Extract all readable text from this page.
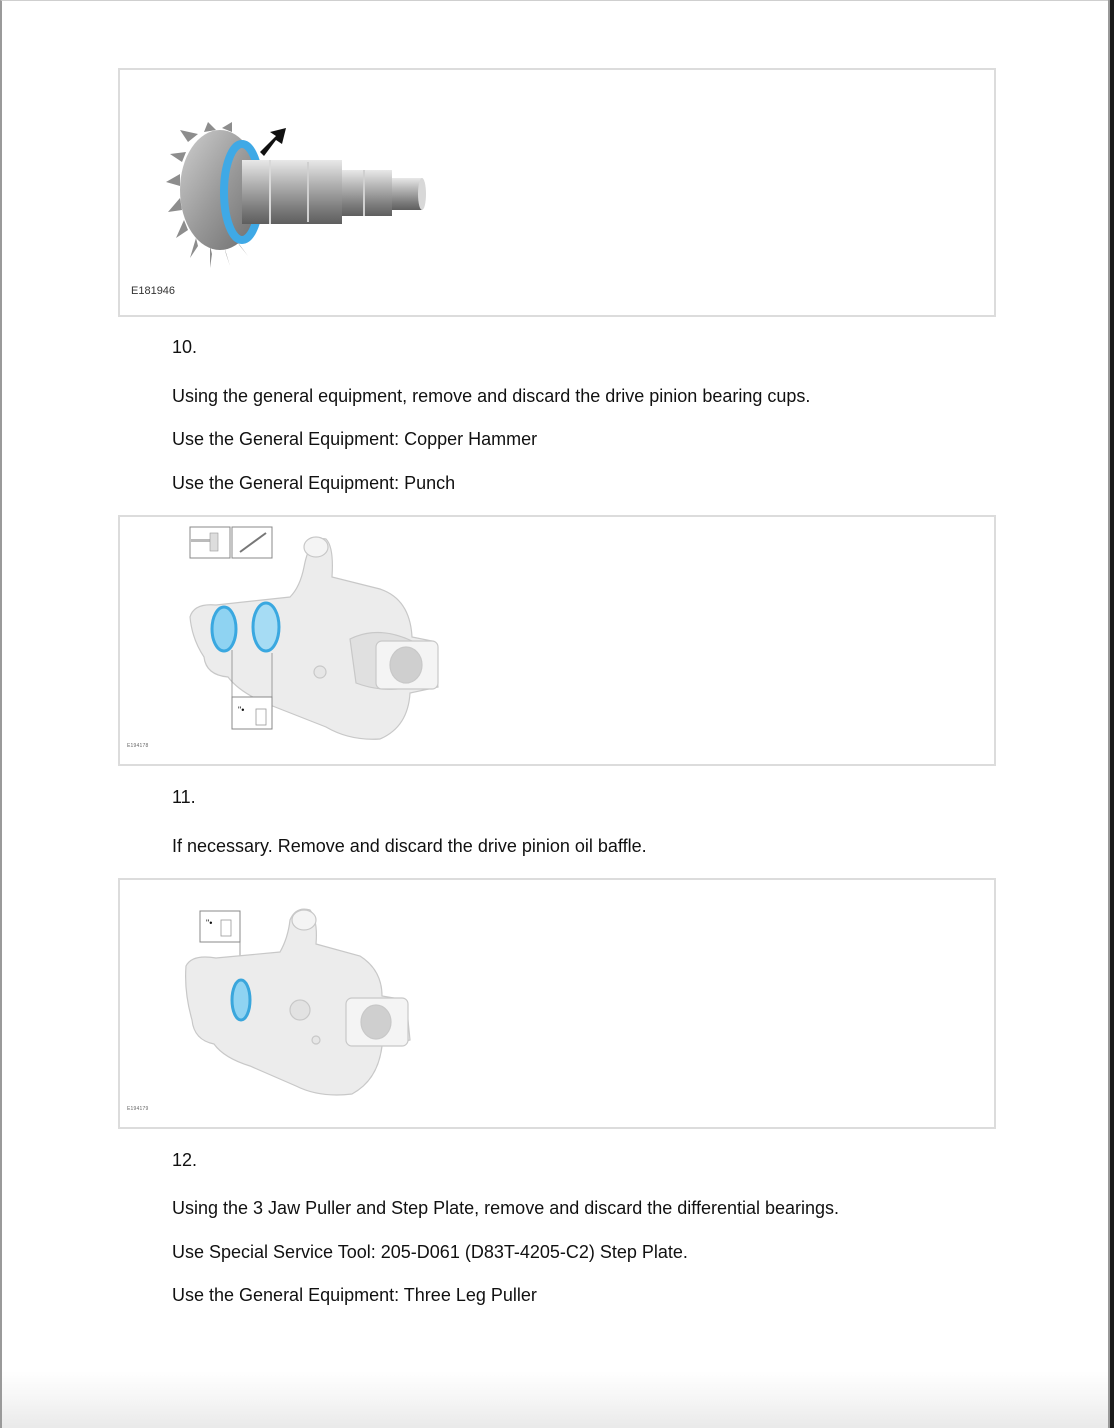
E181946
10.
Using the general equipment, remove and discard the drive pinion bearing cups.
Use the General Equipment: Copper Hammer
Use the General Equipment: Punch
"•
E194178
11.
If necessary. Remove and discard the drive pinion oil baffle.
"•
E194179
12.
Using the 3 Jaw Puller and Step Plate, remove and discard the differential bearings.
Use Special Service Tool: 205-D061 (D83T-4205-C2) Step Plate.
Use the General Equipment: Three Leg Puller
